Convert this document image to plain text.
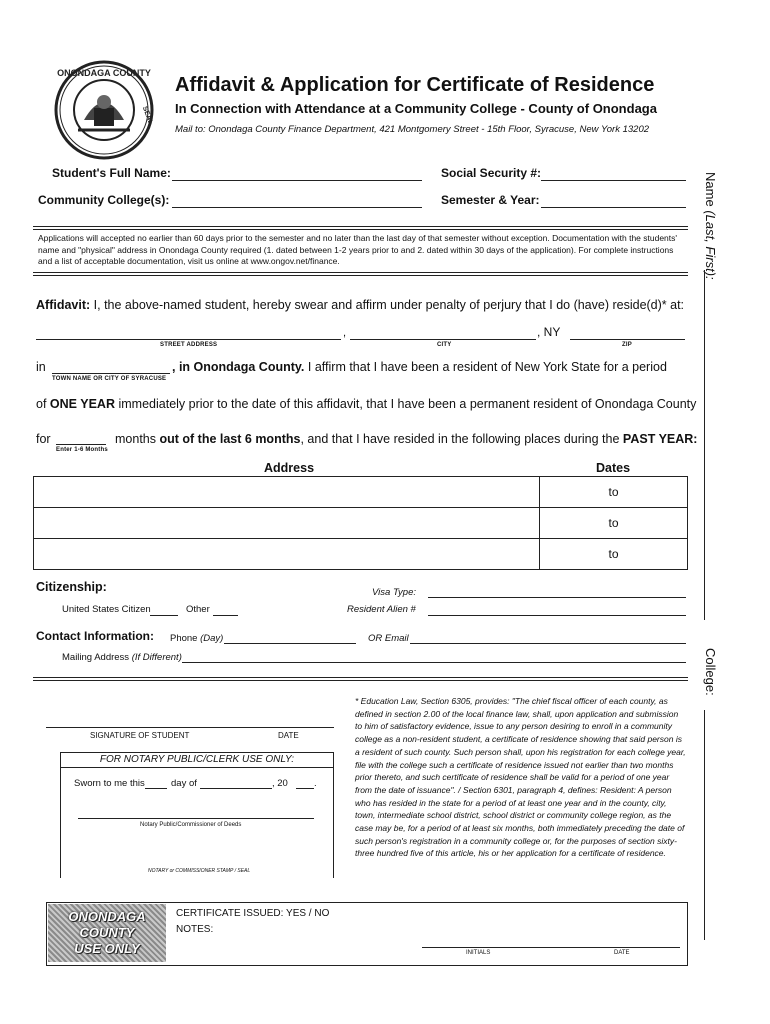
ONONDAGA COUNTY
SEAL
Affidavit & Application for Certificate of Residence
In Connection with Attendance at a Community College - County of Onondaga
Mail to: Onondaga County Finance Department, 421 Montgomery Street - 15th Floor, Syracuse, New York 13202
Student's Full Name:	Social Security #:
Community College(s):	Semester & Year:
Applications will accepted no earlier than 60 days prior to the semester and no later than the last day of that semester without exception. Documentation with the students' name and "physical" address in Onondaga County required (1. dated between 1-2 years prior to and 2. dated within 30 days of the application). For complete instructions and a list of acceptable documentation, visit us online at www.ongov.net/finance.
Affidavit: I, the above-named student, hereby swear and affirm under penalty of perjury that I do (have) reside(d)* at:
,	, NY
STREET ADDRESS	CITY	ZIP
in	, in Onondaga County. I affirm that I have been a resident of New York State for a period
TOWN NAME OR CITY OF SYRACUSE
of ONE YEAR immediately prior to the date of this affidavit, that I have been a permanent resident of Onondaga County
for	months out of the last 6 months, and that I have resided in the following places during the PAST YEAR:
Enter 1-6 Months
Address	Dates
	to
	to
	to
Citizenship:
United States Citizen	Other
Visa Type:
Resident Alien #
Contact Information: Phone (Day)	OR Email
Mailing Address (If Different)
SIGNATURE OF STUDENT	DATE
FOR NOTARY PUBLIC/CLERK USE ONLY:
Sworn to me this	day of	, 20	.
Notary Public/Commissioner of Deeds
NOTARY or COMMISSIONER STAMP / SEAL
* Education Law, Section 6305, provides: "The chief fiscal officer of each county, as defined in section 2.00 of the local finance law, shall, upon application and submission to him of satisfactory evidence, issue to any person desiring to enroll in a community college as a non-resident student, a certificate of residence showing that said person is a resident of such county. Such person shall, upon his registration for each college year, file with the college such a certificate of residence issued not earlier than two months prior thereto, and such certificate of residence shall be valid for a period of one year from the date of issuance". / Section 6301, paragraph 4, defines: Resident: A person who has resided in the state for a period of at least one year and in the county, city, town, intermediate school district, school district or community college region, as the case may be, for a period of at least six months, both immediately preceding the date of such person's registration in a community college or, for the purposes of section sixty-three hundred five of this article, his or her application for a certificate of residence.
ONONDAGA
COUNTY
USE ONLY
CERTIFICATE ISSUED: YES / NO
NOTES:
INITIALS	DATE
Name (Last, First):
College:
